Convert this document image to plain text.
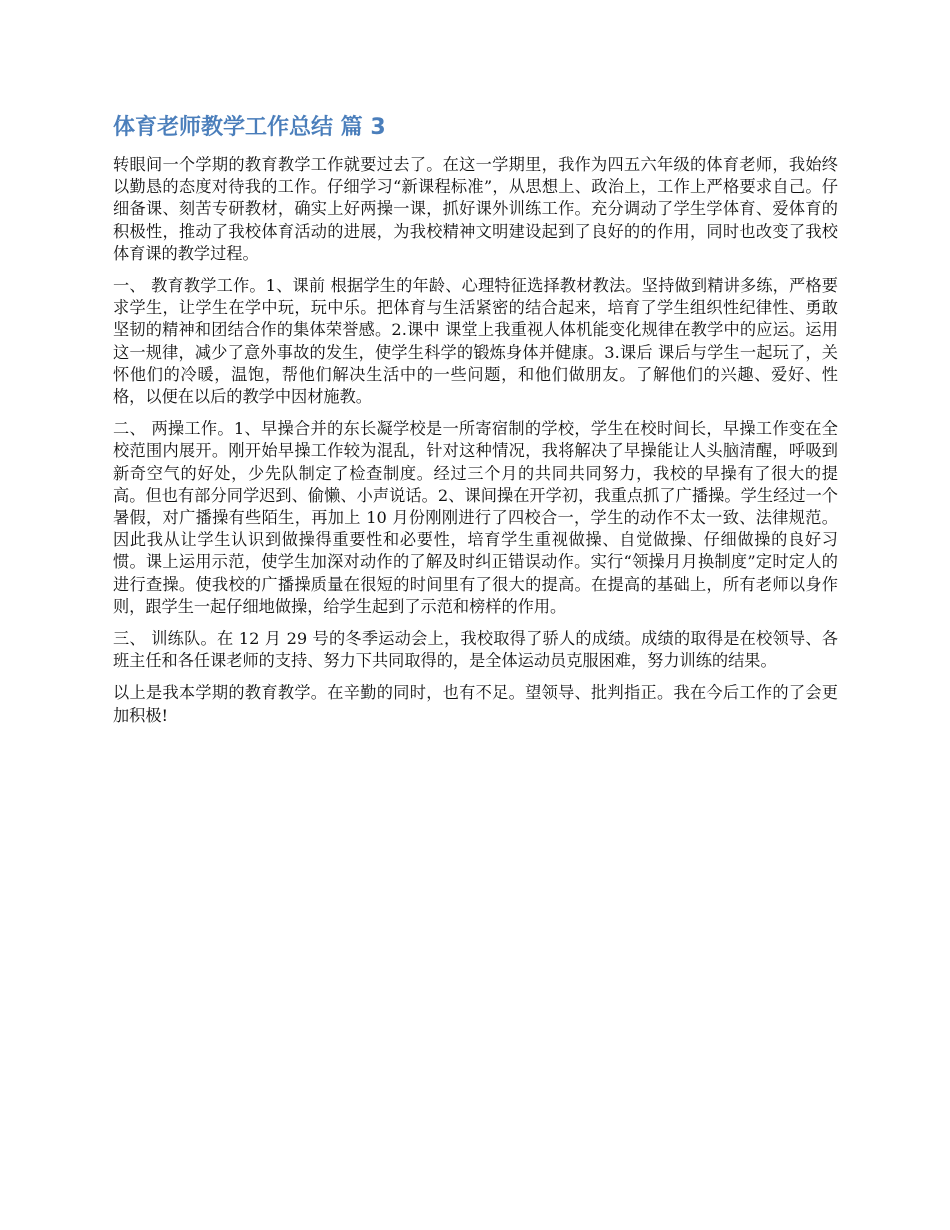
体育老师教学工作总结 篇 3

转眼间一个学期的教育教学工作就要过去了。在这一学期里，我作为四五六年级的体育老师，我始终以勤恳的态度对待我的工作。仔细学习“新课程标准”，从思想上、政治上，工作上严格要求自己。仔细备课、刻苦专研教材，确实上好两操一课，抓好课外训练工作。充分调动了学生学体育、爱体育的积极性，推动了我校体育活动的进展，为我校精神文明建设起到了良好的的作用，同时也改变了我校体育课的教学过程。

一、 教育教学工作。1、课前 根据学生的年龄、心理特征选择教材教法。坚持做到精讲多练，严格要求学生，让学生在学中玩，玩中乐。把体育与生活紧密的结合起来，培育了学生组织性纪律性、勇敢坚韧的精神和团结合作的集体荣誉感。2.课中 课堂上我重视人体机能变化规律在教学中的应运。运用这一规律，减少了意外事故的发生，使学生科学的锻炼身体并健康。3.课后 课后与学生一起玩了，关怀他们的冷暖，温饱，帮他们解决生活中的一些问题，和他们做朋友。了解他们的兴趣、爱好、性格，以便在以后的教学中因材施教。

二、 两操工作。1、早操合并的东长凝学校是一所寄宿制的学校，学生在校时间长，早操工作变在全校范围内展开。刚开始早操工作较为混乱，针对这种情况，我将解决了早操能让人头脑清醒，呼吸到新奇空气的好处，少先队制定了检查制度。经过三个月的共同共同努力，我校的早操有了很大的提高。但也有部分同学迟到、偷懒、小声说话。2、课间操在开学初，我重点抓了广播操。学生经过一个暑假，对广播操有些陌生，再加上 10 月份刚刚进行了四校合一，学生的动作不太一致、法律规范。因此我从让学生认识到做操得重要性和必要性，培育学生重视做操、自觉做操、仔细做操的良好习惯。课上运用示范，使学生加深对动作的了解及时纠正错误动作。实行“领操月月换制度”定时定人的进行查操。使我校的广播操质量在很短的时间里有了很大的提高。在提高的基础上，所有老师以身作则，跟学生一起仔细地做操，给学生起到了示范和榜样的作用。

三、 训练队。在 12 月 29 号的冬季运动会上，我校取得了骄人的成绩。成绩的取得是在校领导、各班主任和各任课老师的支持、努力下共同取得的，是全体运动员克服困难，努力训练的结果。

以上是我本学期的教育教学。在辛勤的同时，也有不足。望领导、批判指正。我在今后工作的了会更加积极!
